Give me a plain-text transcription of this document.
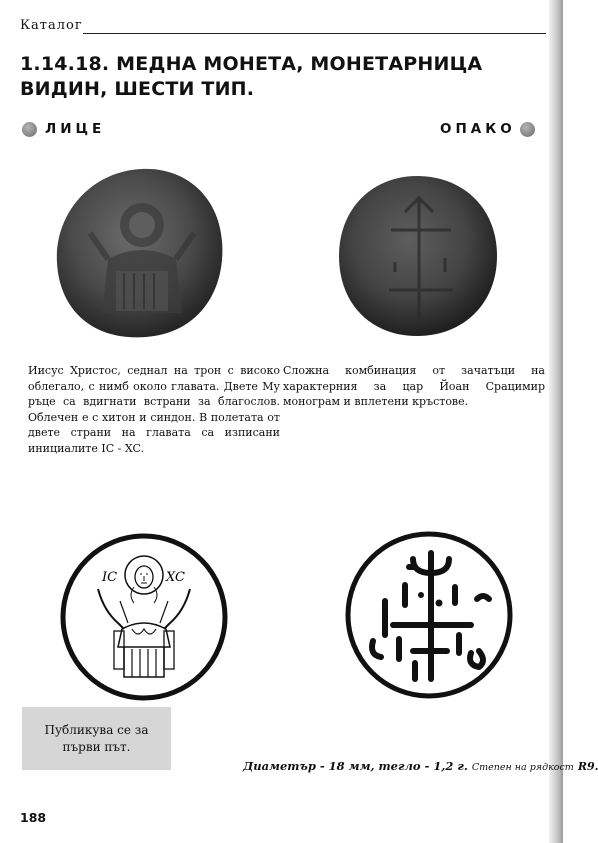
Каталог
1.14.18. МЕДНА МОНЕТА, МОНЕТАРНИЦА ВИДИН, ШЕСТИ ТИП.
ЛИЦЕ	ОПАКО
Иисус Христос, седнал на трон с високо облегало, с нимб около главата. Двете Му ръце са вдигнати встрани за благослов. Облечен е с хитон и синдон. В полетата от двете страни на главата са изписани инициалите IC - XC.
Сложна комбинация от зачатъци на характерния за цар Йоан Срацимир монограм и вплетени кръстове.
IC	XC
Публикува се за първи път.
Диаметър - 18 мм, тегло - 1,2 г. Степен на рядкост R9.
188
